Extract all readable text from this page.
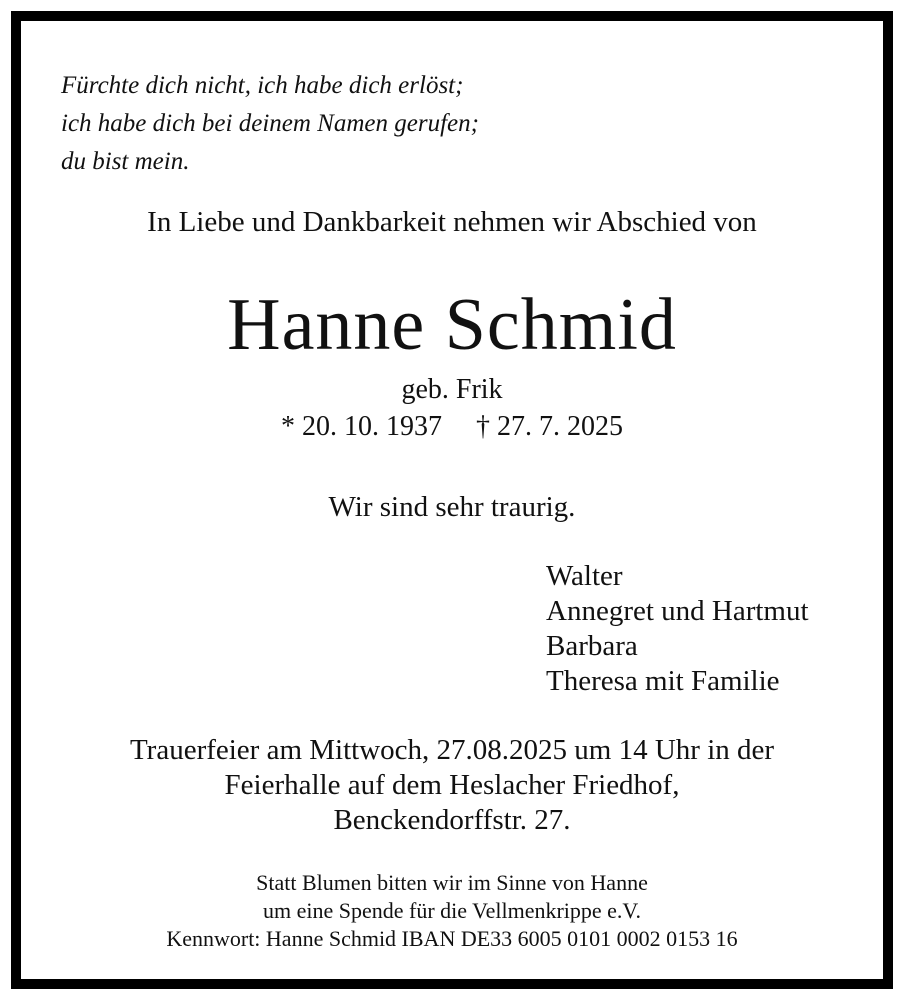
Fürchte dich nicht, ich habe dich erlöst;
ich habe dich bei deinem Namen gerufen;
du bist mein.
In Liebe und Dankbarkeit nehmen wir Abschied von
Hanne Schmid
geb. Frik
* 20. 10. 1937 † 27. 7. 2025
Wir sind sehr traurig.
Walter
Annegret und Hartmut
Barbara
Theresa mit Familie
Trauerfeier am Mittwoch, 27.08.2025 um 14 Uhr in der
Feierhalle auf dem Heslacher Friedhof,
Benckendorffstr. 27.
Statt Blumen bitten wir im Sinne von Hanne
um eine Spende für die Vellmenkrippe e.V.
Kennwort: Hanne Schmid IBAN DE33 6005 0101 0002 0153 16
